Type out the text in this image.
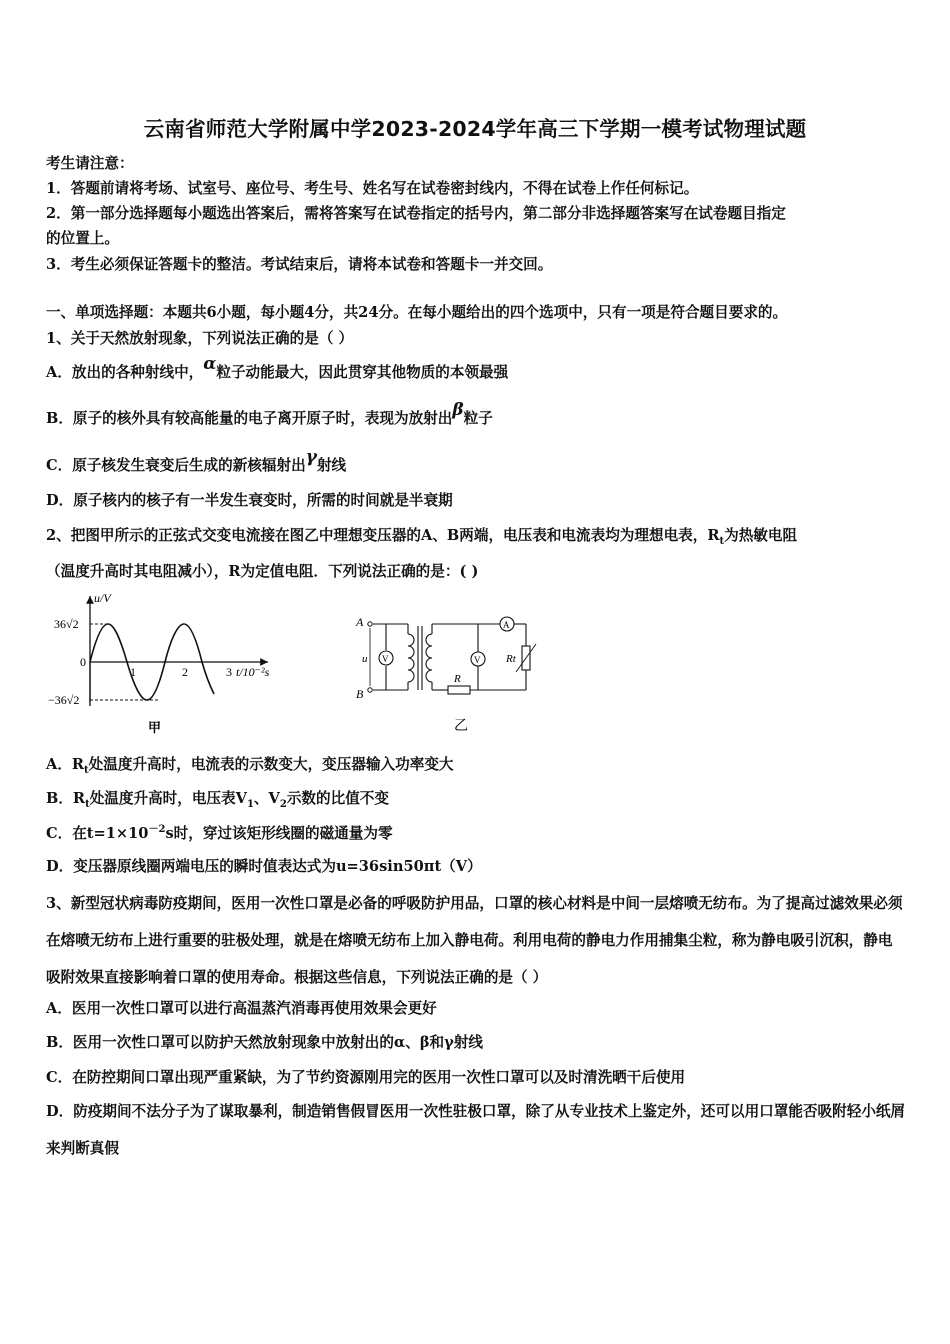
云南省师范大学附属中学2023-2024学年高三下学期一模考试物理试题
考生请注意：
1．答题前请将考场、试室号、座位号、考生号、姓名写在试卷密封线内，不得在试卷上作任何标记。
2．第一部分选择题每小题选出答案后，需将答案写在试卷指定的括号内，第二部分非选择题答案写在试卷题目指定
的位置上。
3．考生必须保证答题卡的整洁。考试结束后，请将本试卷和答题卡一并交回。
一、单项选择题：本题共6小题，每小题4分，共24分。在每小题给出的四个选项中，只有一项是符合题目要求的。
1、关于天然放射现象，下列说法正确的是（ ）
A．放出的各种射线中，α粒子动能最大，因此贯穿其他物质的本领最强
B．原子的核外具有较高能量的电子离开原子时，表现为放射出β粒子
C．原子核发生衰变后生成的新核辐射出γ射线
D．原子核内的核子有一半发生衰变时，所需的时间就是半衰期
2、把图甲所示的正弦式交变电流接在图乙中理想变压器的A、B两端，电压表和电流表均为理想电表，$R_t$为热敏电阻
（温度升高时其电阻减小），R为定值电阻．下列说法正确的是：( )
u/V
36√2
0
−36√2
1	2	3 t/10⁻²s
甲
A
B
u V
A
R
V Rt
乙
A．$R_t$处温度升高时，电流表的示数变大，变压器输入功率变大
B．$R_t$处温度升高时，电压表$V_1$、$V_2$示数的比值不变
C．在$t=1\times 10^{-2}s$时，穿过该矩形线圈的磁通量为零
D．变压器原线圈两端电压的瞬时值表达式为u=36sin50πt（V）
3、新型冠状病毒防疫期间，医用一次性口罩是必备的呼吸防护用品，口罩的核心材料是中间一层熔喷无纺布。为了提高过滤效果必须在熔喷无纺布上进行重要的驻极处理，就是在熔喷无纺布上加入静电荷。利用电荷的静电力作用捕集尘粒，称为静电吸引沉积，静电吸附效果直接影响着口罩的使用寿命。根据这些信息，下列说法正确的是（ ）
A．医用一次性口罩可以进行高温蒸汽消毒再使用效果会更好
B．医用一次性口罩可以防护天然放射现象中放射出的α、β和γ射线
C．在防控期间口罩出现严重紧缺，为了节约资源刚用完的医用一次性口罩可以及时清洗晒干后使用
D．防疫期间不法分子为了谋取暴利，制造销售假冒医用一次性驻极口罩，除了从专业技术上鉴定外，还可以用口罩能否吸附轻小纸屑来判断真假
